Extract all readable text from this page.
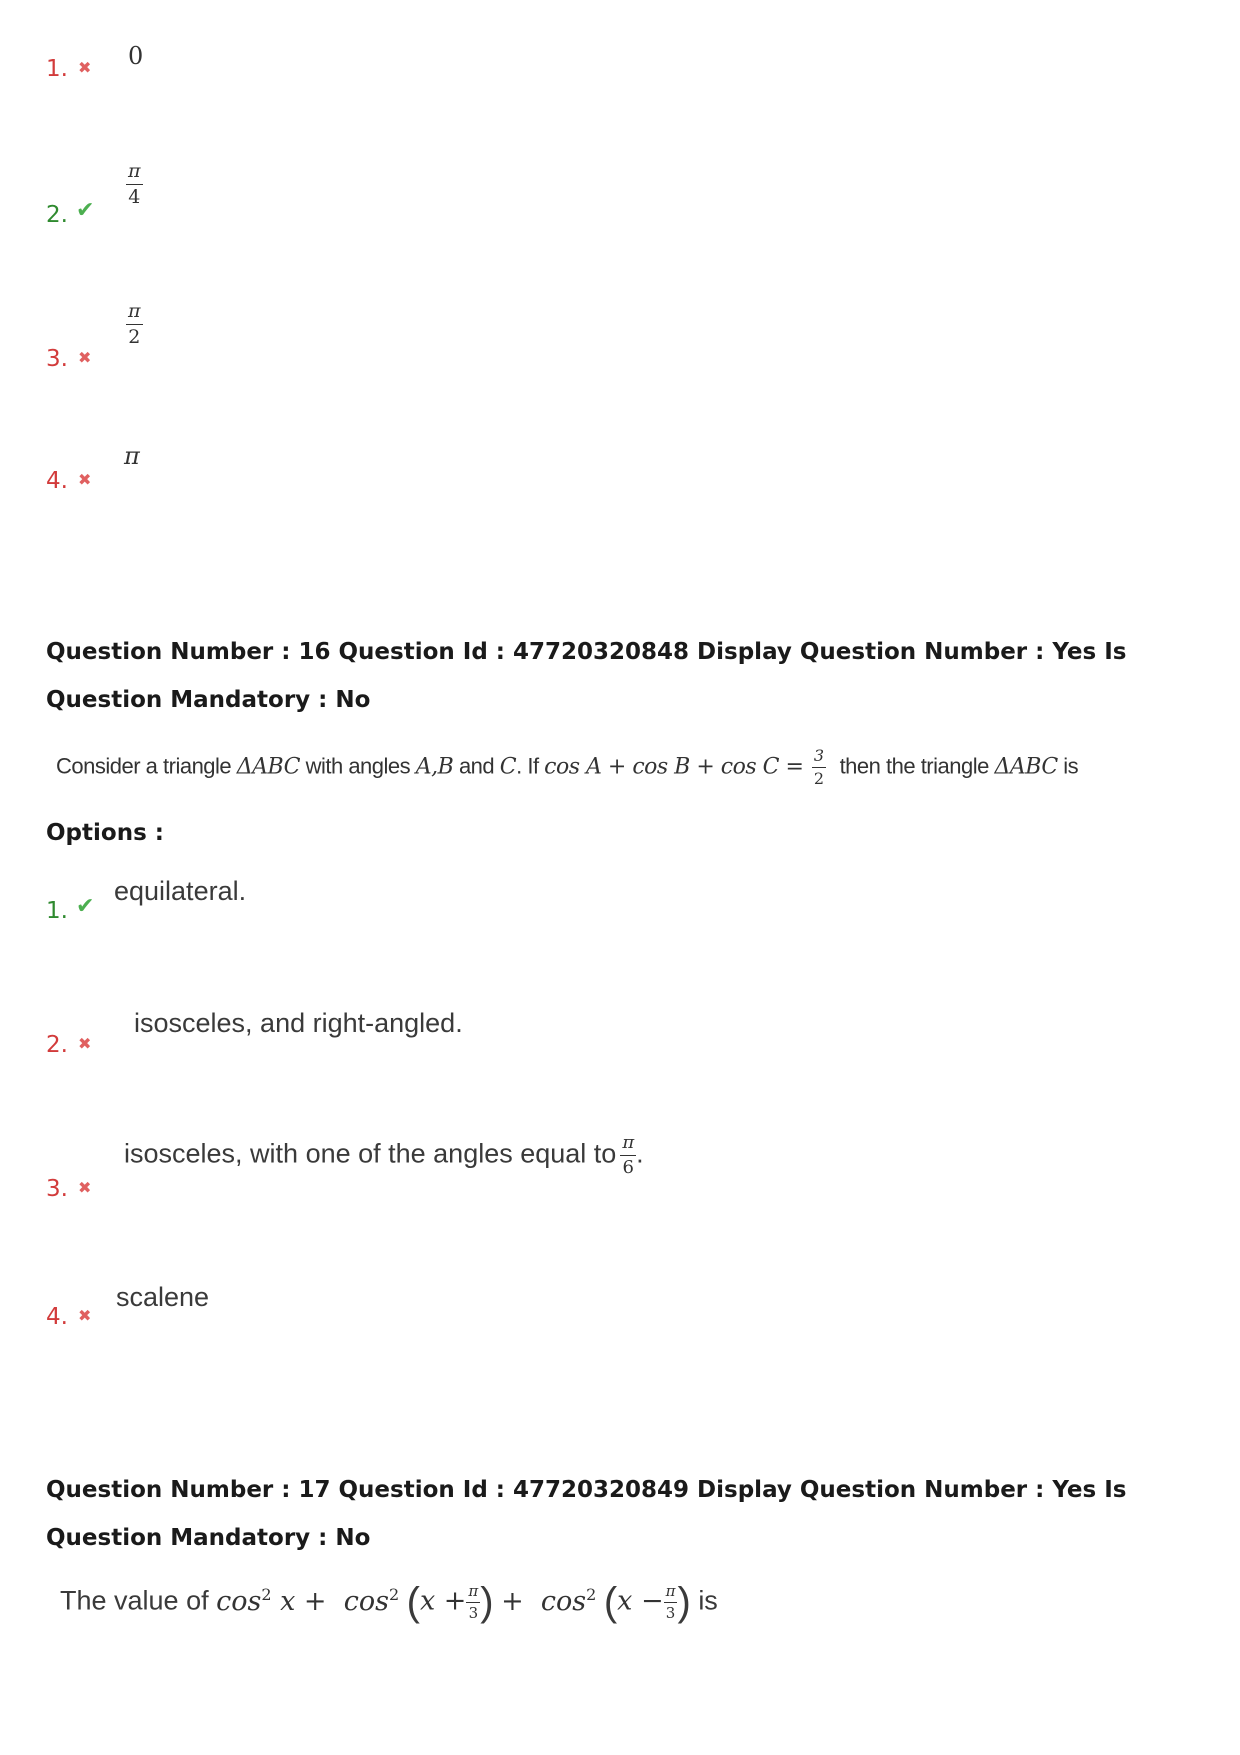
1. ✖ 0
2. ✔
$\frac{\pi}{4}$
3. ✖
$\frac{\pi}{2}$
4. ✖
π
Question Number : 16 Question Id : 47720320848 Display Question Number : Yes Is Question Mandatory : No
Consider a triangle ΔABC with angles A,B and C. If $\cos A + \cos B + \cos C = \frac{3}{2}$ then the triangle ΔABC is
Options :
1. ✔
equilateral.
2. ✖
isosceles, and right-angled.
3. ✖
isosceles, with one of the angles equal to $\frac{\pi}{6}$ .
4. ✖
scalene
Question Number : 17 Question Id : 47720320849 Display Question Number : Yes Is Question Mandatory : No
The value of $\cos^2 x + \cos^2 (x + \frac{\pi}{3}$ ) +  $\cos^2 (x - \frac{\pi}{3}$ ) is
